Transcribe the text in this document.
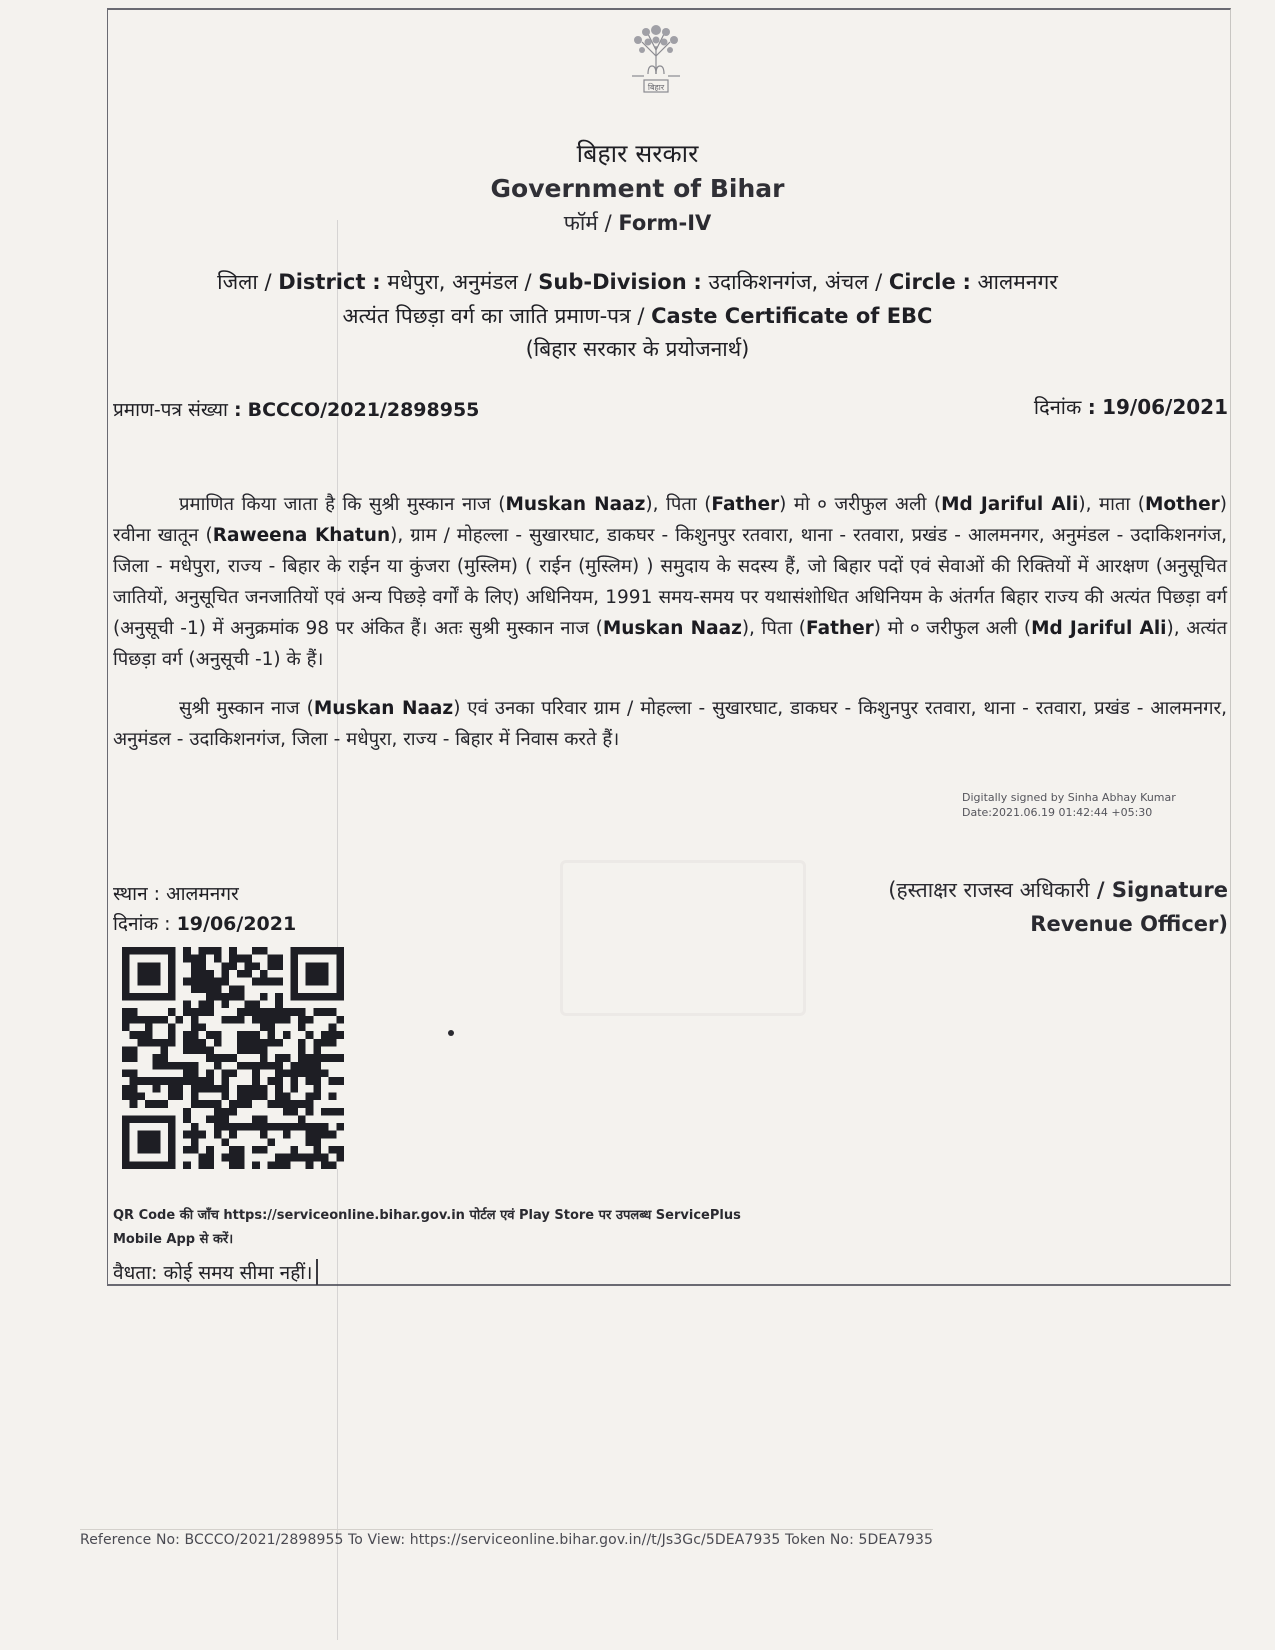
बिहार
बिहार सरकार
Government of Bihar
फॉर्म / Form-IV
जिला / District : मधेपुरा, अनुमंडल / Sub-Division : उदाकिशनगंज, अंचल / Circle : आलमनगर
अत्यंत पिछड़ा वर्ग का जाति प्रमाण-पत्र / Caste Certificate of EBC
(बिहार सरकार के प्रयोजनार्थ)
प्रमाण-पत्र संख्या : BCCCO/2021/2898955	दिनांक : 19/06/2021

प्रमाणित किया जाता है कि सुश्री मुस्कान नाज (Muskan Naaz), पिता (Father) मो ० जरीफुल अली (Md Jariful Ali), माता (Mother) रवीना खातून (Raweena Khatun), ग्राम / मोहल्ला - सुखारघाट, डाकघर - किशुनपुर रतवारा, थाना - रतवारा, प्रखंड - आलमनगर, अनुमंडल - उदाकिशनगंज, जिला - मधेपुरा, राज्य - बिहार के राईन या कुंजरा (मुस्लिम) ( राईन (मुस्लिम) ) समुदाय के सदस्य हैं, जो बिहार पदों एवं सेवाओं की रिक्तियों में आरक्षण (अनुसूचित जातियों, अनुसूचित जनजातियों एवं अन्य पिछड़े वर्गों के लिए) अधिनियम, 1991 समय-समय पर यथासंशोधित अधिनियम के अंतर्गत बिहार राज्य की अत्यंत पिछड़ा वर्ग (अनुसूची -1) में अनुक्रमांक 98 पर अंकित हैं। अतः सुश्री मुस्कान नाज (Muskan Naaz), पिता (Father) मो ० जरीफुल अली (Md Jariful Ali), अत्यंत पिछड़ा वर्ग (अनुसूची -1) के हैं।

सुश्री मुस्कान नाज (Muskan Naaz) एवं उनका परिवार ग्राम / मोहल्ला - सुखारघाट, डाकघर - किशुनपुर रतवारा, थाना - रतवारा, प्रखंड - आलमनगर, अनुमंडल - उदाकिशनगंज, जिला - मधेपुरा, राज्य - बिहार में निवास करते हैं।

Digitally signed by Sinha Abhay Kumar
Date:2021.06.19 01:42:44 +05:30
(हस्ताक्षर राजस्व अधिकारी / Signature
Revenue Officer)
स्थान : आलमनगर
दिनांक : 19/06/2021
QR Code की जाँच https://serviceonline.bihar.gov.in पोर्टल एवं Play Store पर उपलब्ध ServicePlus
Mobile App से करें।
वैधता: कोई समय सीमा नहीं।
Reference No: BCCCO/2021/2898955 To View: https://serviceonline.bihar.gov.in//t/Js3Gc/5DEA7935 Token No: 5DEA7935
